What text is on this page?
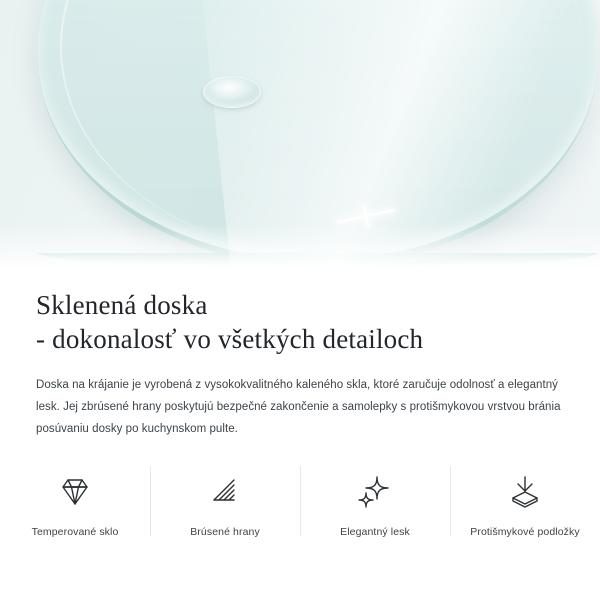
Sklenená doska
- dokonalosť vo všetkých detailoch

Doska na krájanie je vyrobená z vysokokvalitného kaleného skla, ktoré zaručuje odolnosť a elegantný lesk. Jej zbrúsené hrany poskytujú bezpečné zakončenie a samolepky s protišmykovou vrstvou bránia posúvaniu dosky po kuchynskom pulte.

Temperované sklo	Brúsené hrany	Elegantný lesk	Protišmykové podložky
